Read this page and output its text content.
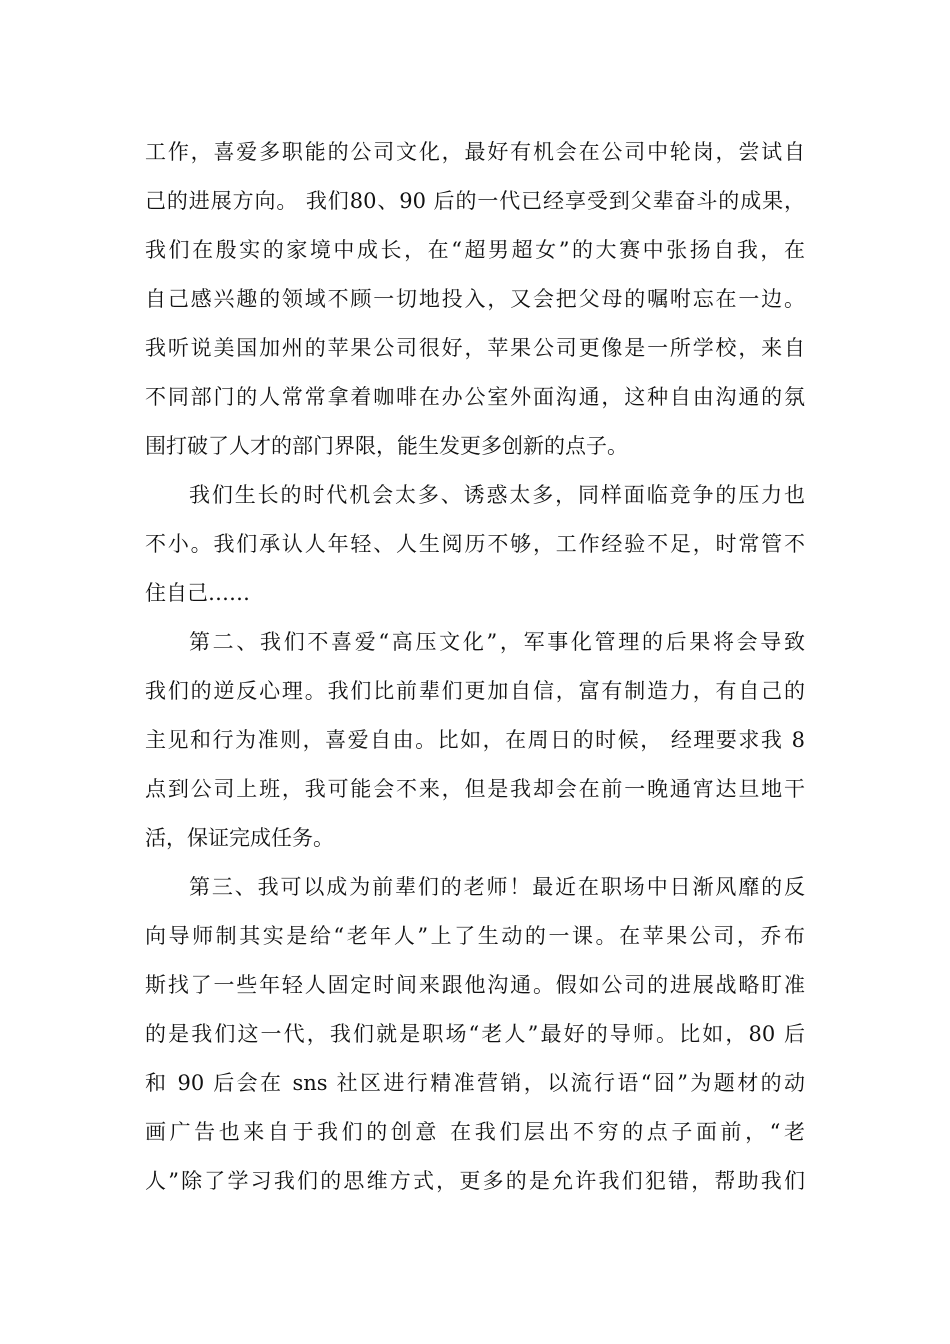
工作，喜爱多职能的公司文化，最好有机会在公司中轮岗，尝试自
己的进展方向。 我们80、90 后的一代已经享受到父辈奋斗的成果，
我们在殷实的家境中成长，在“超男超女”的大赛中张扬自我，在
自己感兴趣的领域不顾一切地投入，又会把父母的嘱咐忘在一边。
我听说美国加州的苹果公司很好，苹果公司更像是一所学校，来自
不同部门的人常常拿着咖啡在办公室外面沟通，这种自由沟通的氛
围打破了人才的部门界限，能生发更多创新的点子。
我们生长的时代机会太多、诱惑太多，同样面临竞争的压力也
不小。我们承认人年轻、人生阅历不够，工作经验不足，时常管不
住自己……
第二、我们不喜爱“高压文化”，军事化管理的后果将会导致
我们的逆反心理。我们比前辈们更加自信，富有制造力，有自己的
主见和行为准则，喜爱自由。比如，在周日的时候， 经理要求我 8
点到公司上班，我可能会不来，但是我却会在前一晚通宵达旦地干
活，保证完成任务。
第三、我可以成为前辈们的老师！最近在职场中日渐风靡的反
向导师制其实是给“老年人”上了生动的一课。在苹果公司，乔布
斯找了一些年轻人固定时间来跟他沟通。假如公司的进展战略盯准
的是我们这一代，我们就是职场“老人”最好的导师。比如，80 后
和 90 后会在 sns 社区进行精准营销，以流行语“囧”为题材的动
画广告也来自于我们的创意 在我们层出不穷的点子面前，“老
人”除了学习我们的思维方式，更多的是允许我们犯错，帮助我们
